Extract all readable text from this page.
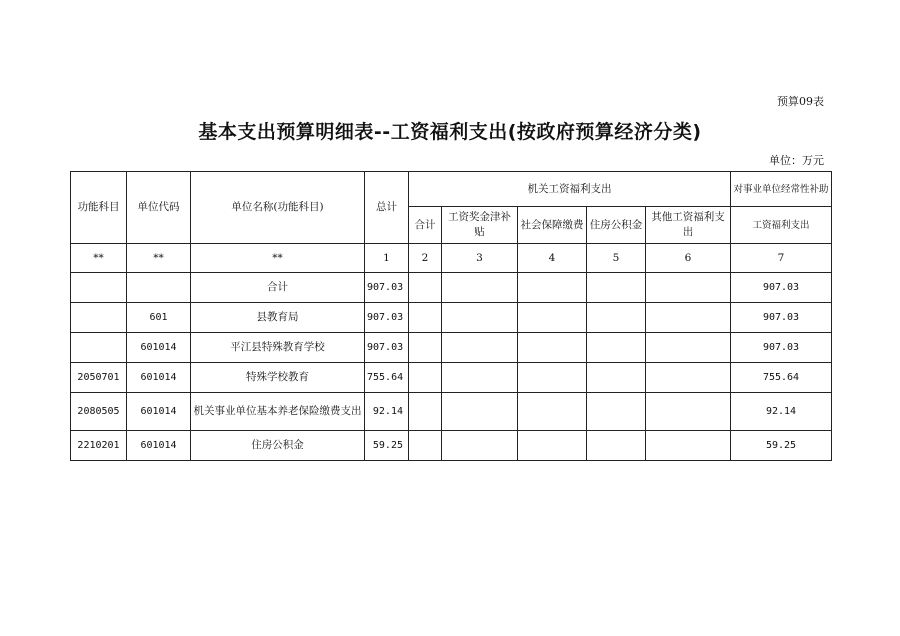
预算09表
基本支出预算明细表--工资福利支出(按政府预算经济分类)
单位：万元
功能科目	单位代码	单位名称(功能科目)	总计	机关工资福利支出					对事业单位经常性补助
				合计	工资奖金津补贴	社会保障缴费	住房公积金	其他工资福利支出	工资福利支出
**	**	**	1	2	3	4	5	6	7
		合计	907.03						907.03
	601	县教育局	907.03						907.03
	601014	平江县特殊教育学校	907.03						907.03
2050701	601014	特殊学校教育	755.64						755.64
2080505	601014	机关事业单位基本养老保险缴费支出	92.14						92.14
2210201	601014	住房公积金	59.25						59.25
